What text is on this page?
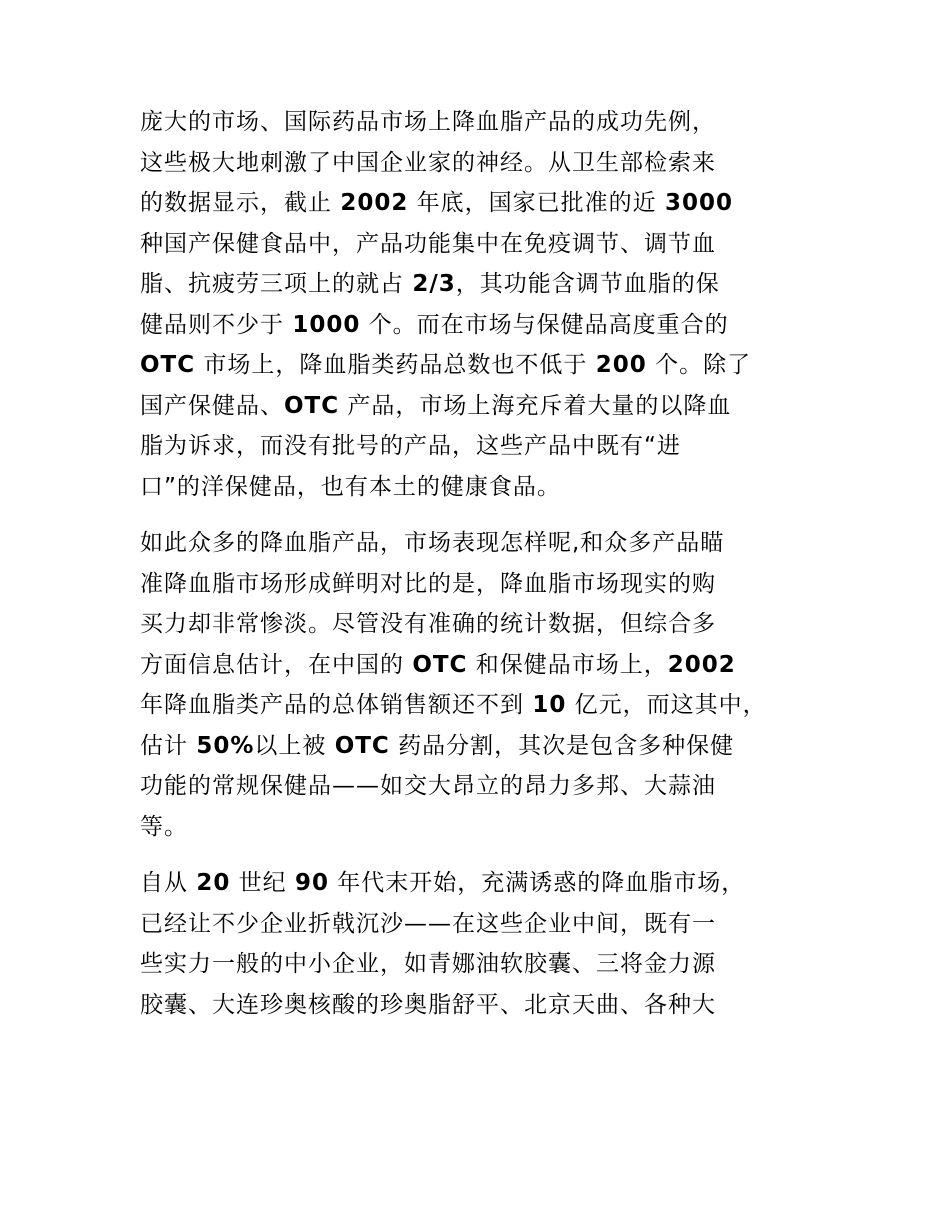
庞大的市场、国际药品市场上降血脂产品的成功先例，
这些极大地刺激了中国企业家的神经。从卫生部检索来
的数据显示，截止 2002 年底，国家已批准的近 3000
种国产保健食品中，产品功能集中在免疫调节、调节血
脂、抗疲劳三项上的就占 2/3，其功能含调节血脂的保
健品则不少于 1000 个。而在市场与保健品高度重合的
OTC 市场上，降血脂类药品总数也不低于 200 个。除了
国产保健品、OTC 产品，市场上海充斥着大量的以降血
脂为诉求，而没有批号的产品，这些产品中既有“进
口”的洋保健品，也有本土的健康食品。
如此众多的降血脂产品，市场表现怎样呢,和众多产品瞄
准降血脂市场形成鲜明对比的是，降血脂市场现实的购
买力却非常惨淡。尽管没有准确的统计数据，但综合多
方面信息估计，在中国的 OTC 和保健品市场上，2002
年降血脂类产品的总体销售额还不到 10 亿元，而这其中，
估计 50%以上被 OTC 药品分割，其次是包含多种保健
功能的常规保健品——如交大昂立的昂力多邦、大蒜油
等。
自从 20 世纪 90 年代末开始，充满诱惑的降血脂市场，
已经让不少企业折戟沉沙——在这些企业中间，既有一
些实力一般的中小企业，如青娜油软胶囊、三将金力源
胶囊、大连珍奥核酸的珍奥脂舒平、北京天曲、各种大
